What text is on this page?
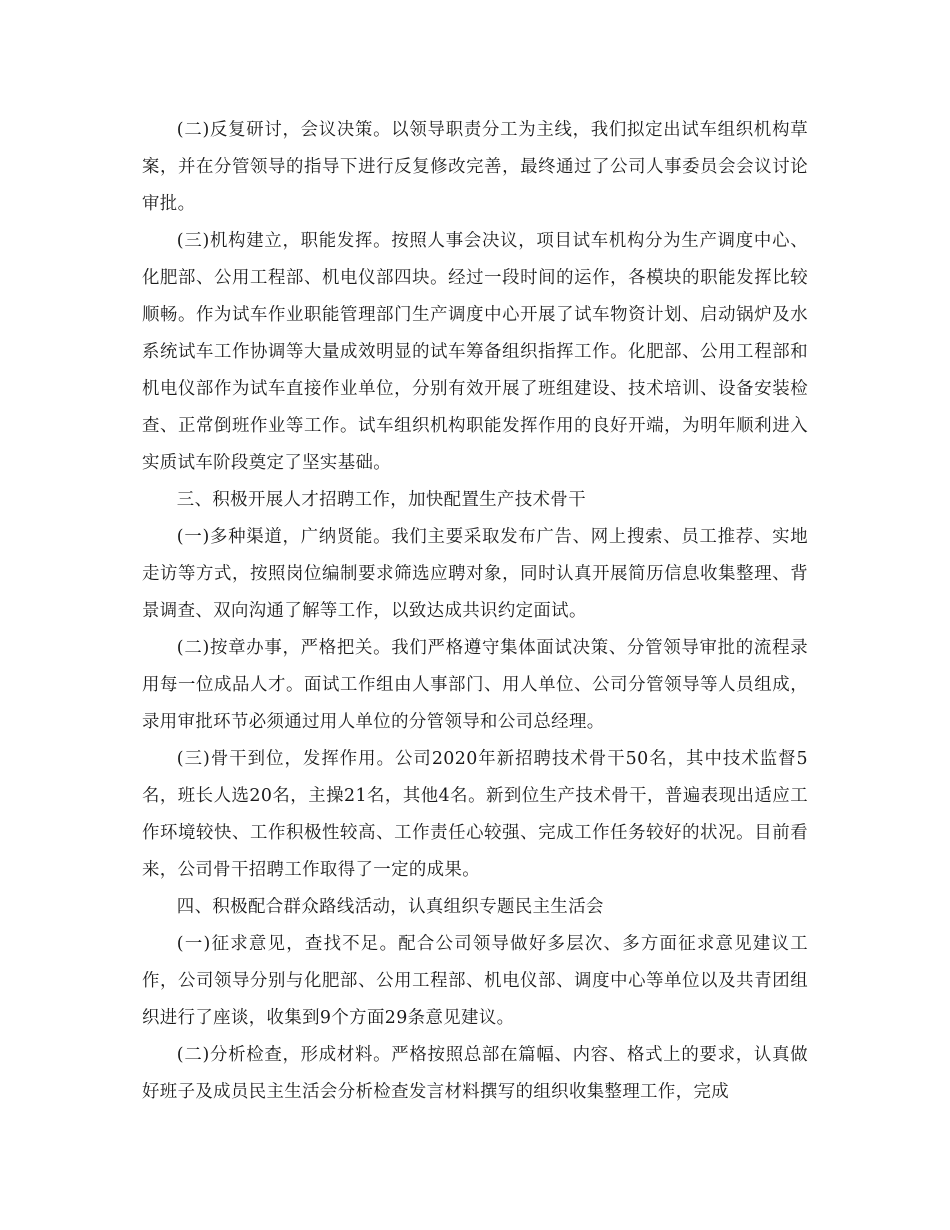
(二)反复研讨，会议决策。以领导职责分工为主线，我们拟定出试车组织机构草案，并在分管领导的指导下进行反复修改完善，最终通过了公司人事委员会会议讨论审批。

(三)机构建立，职能发挥。按照人事会决议，项目试车机构分为生产调度中心、化肥部、公用工程部、机电仪部四块。经过一段时间的运作，各模块的职能发挥比较顺畅。作为试车作业职能管理部门生产调度中心开展了试车物资计划、启动锅炉及水系统试车工作协调等大量成效明显的试车筹备组织指挥工作。化肥部、公用工程部和机电仪部作为试车直接作业单位，分别有效开展了班组建设、技术培训、设备安装检查、正常倒班作业等工作。试车组织机构职能发挥作用的良好开端，为明年顺利进入实质试车阶段奠定了坚实基础。

三、积极开展人才招聘工作，加快配置生产技术骨干

(一)多种渠道，广纳贤能。我们主要采取发布广告、网上搜索、员工推荐、实地走访等方式，按照岗位编制要求筛选应聘对象，同时认真开展简历信息收集整理、背景调查、双向沟通了解等工作，以致达成共识约定面试。

(二)按章办事，严格把关。我们严格遵守集体面试决策、分管领导审批的流程录用每一位成品人才。面试工作组由人事部门、用人单位、公司分管领导等人员组成，录用审批环节必须通过用人单位的分管领导和公司总经理。

(三)骨干到位，发挥作用。公司2020年新招聘技术骨干50名，其中技术监督5名，班长人选20名，主操21名，其他4名。新到位生产技术骨干，普遍表现出适应工作环境较快、工作积极性较高、工作责任心较强、完成工作任务较好的状况。目前看来，公司骨干招聘工作取得了一定的成果。

四、积极配合群众路线活动，认真组织专题民主生活会

(一)征求意见，查找不足。配合公司领导做好多层次、多方面征求意见建议工作，公司领导分别与化肥部、公用工程部、机电仪部、调度中心等单位以及共青团组织进行了座谈，收集到9个方面29条意见建议。

(二)分析检查，形成材料。严格按照总部在篇幅、内容、格式上的要求，认真做好班子及成员民主生活会分析检查发言材料撰写的组织收集整理工作，完成
